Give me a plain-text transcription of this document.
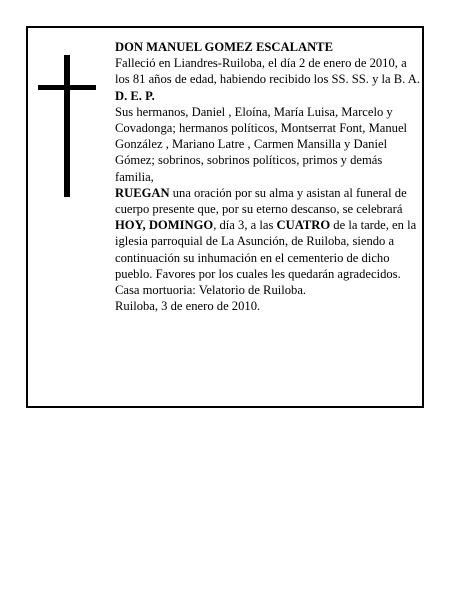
DON MANUEL GOMEZ ESCALANTE

Falleció en Liandres-Ruiloba, el día 2 de enero de 2010, a los 81 años de edad, habiendo recibido los SS. SS. y la B. A.

D. E. P.

Sus hermanos, Daniel , Eloína, María Luisa, Marcelo y Covadonga; hermanos políticos, Montserrat Font, Manuel González , Mariano Latre , Carmen Mansilla y Daniel Gómez; sobrinos, sobrinos políticos, primos y demás familia,

RUEGAN una oración por su alma y asistan al funeral de cuerpo presente que, por su eterno descanso, se celebrará HOY, DOMINGO, día 3, a las CUATRO de la tarde, en la iglesia parroquial de La Asunción, de Ruiloba, siendo a continuación su inhumación en el cementerio de dicho pueblo. Favores por los cuales les quedarán agradecidos. Casa mortuoria: Velatorio de Ruiloba.

Ruiloba, 3 de enero de 2010.
